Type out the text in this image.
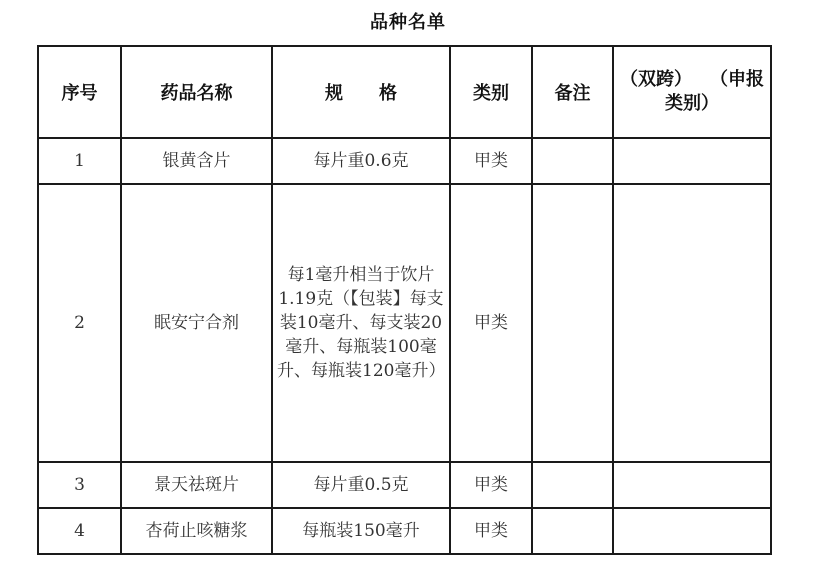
品种名单
序号	药品名称	规　　格	类别	备注	（双跨）　　（申报类别）
1	银黄含片	每片重0.6克	甲类		
2	眠安宁合剂	每1毫升相当于饮片1.19克（【包装】每支装10毫升、每支装20毫升、每瓶装100毫升、每瓶装120毫升）	甲类		
3	景天祛斑片	每片重0.5克	甲类		
4	杏荷止咳糖浆	每瓶装150毫升	甲类		
